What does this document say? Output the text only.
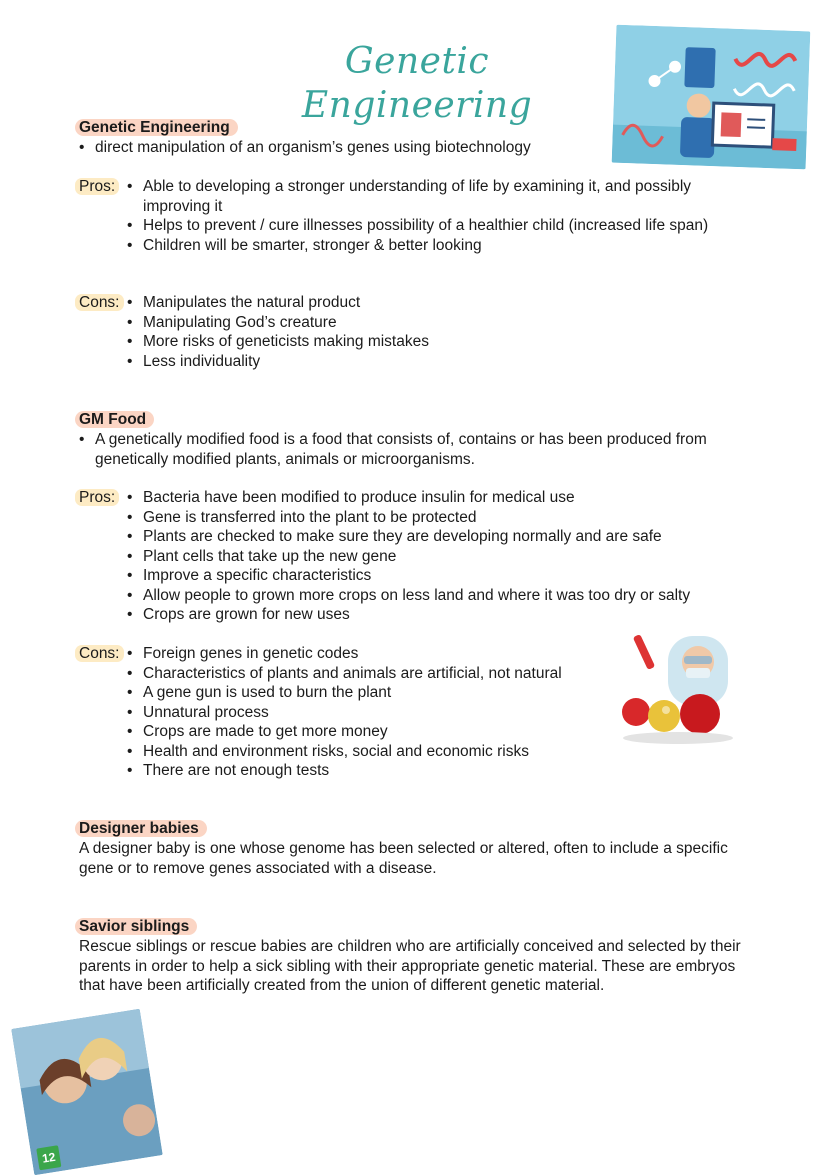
Genetic Engineering
Genetic Engineering
• direct manipulation of an organism’s genes using biotechnology
Pros:	• Able to developing a stronger understanding of life by examining it, and possibly improving it
• Helps to prevent / cure illnesses possibility of a healthier child (increased life span)
• Children will be smarter, stronger & better looking
Cons:	• Manipulates the natural product
• Manipulating God’s creature
• More risks of geneticists making mistakes
• Less individuality
GM Food
• A genetically modified food is a food that consists of, contains or has been produced from genetically modified plants, animals or microorganisms.
Pros:	• Bacteria have been modified to produce insulin for medical use
• Gene is transferred into the plant to be protected
• Plants are checked to make sure they are developing normally and are safe
• Plant cells that take up the new gene
• Improve a specific characteristics
• Allow people to grown more crops on less land and where it was too dry or salty
• Crops are grown for new uses
Cons:	• Foreign genes in genetic codes
• Characteristics of plants and animals are artificial, not natural
• A gene gun is used to burn the plant
• Unnatural process
• Crops are made to get more money
• Health and environment risks, social and economic risks
• There are not enough tests
Designer babies

A designer baby is one whose genome has been selected or altered, often to include a specific gene or to remove genes associated with a disease.

Savior siblings

Rescue siblings or rescue babies are children who are artificially conceived and selected by their parents in order to help a sick sibling with their appropriate genetic material. These are embryos that have been artificially created from the union of different genetic material.

12
